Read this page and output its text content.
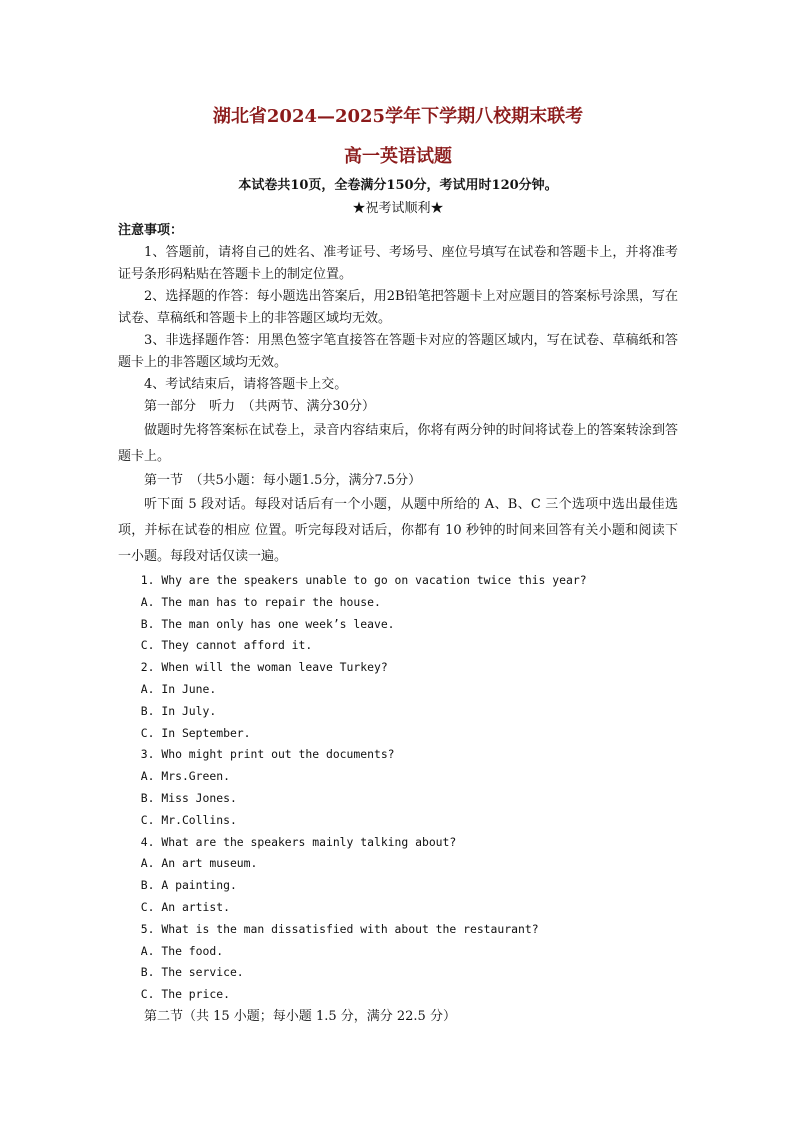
湖北省2024—2025学年下学期八校期末联考
高一英语试题
本试卷共10页，全卷满分150分，考试用时120分钟。
★祝考试顺利★
注意事项：

1、答题前，请将自己的姓名、准考证号、考场号、座位号填写在试卷和答题卡上，并将准考证号条形码粘贴在答题卡上的制定位置。

2、选择题的作答：每小题选出答案后，用2B铅笔把答题卡上对应题目的答案标号涂黑，写在试卷、草稿纸和答题卡上的非答题区域均无效。

3、非选择题作答：用黑色签字笔直接答在答题卡对应的答题区域内，写在试卷、草稿纸和答题卡上的非答题区域均无效。

4、考试结束后，请将答题卡上交。

第一部分　听力　（共两节、满分30分）

做题时先将答案标在试卷上，录音内容结束后，你将有两分钟的时间将试卷上的答案转涂到答题卡上。

第一节　（共5小题：每小题1.5分，满分7.5分）

听下面 5 段对话。每段对话后有一个小题，从题中所给的 A、B、C 三个选项中选出最佳选项，并标在试卷的相应 位置。听完每段对话后，你都有 10 秒钟的时间来回答有关小题和阅读下一小题。每段对话仅读一遍。

1. Why are the speakers unable to go on vacation twice this year?
A. The man has to repair the house.
B. The man only has one week’s leave.
C. They cannot afford it.
2. When will the woman leave Turkey?
A. In June.
B. In July.
C. In September.
3. Who might print out the documents?
A. Mrs.Green.
B. Miss Jones.
C. Mr.Collins.
4. What are the speakers mainly talking about?
A. An art museum.
B. A painting.
C. An artist.
5. What is the man dissatisfied with about the restaurant?
A. The food.
B. The service.
C. The price.
第二节（共 15 小题；每小题 1.5 分，满分 22.5 分）
